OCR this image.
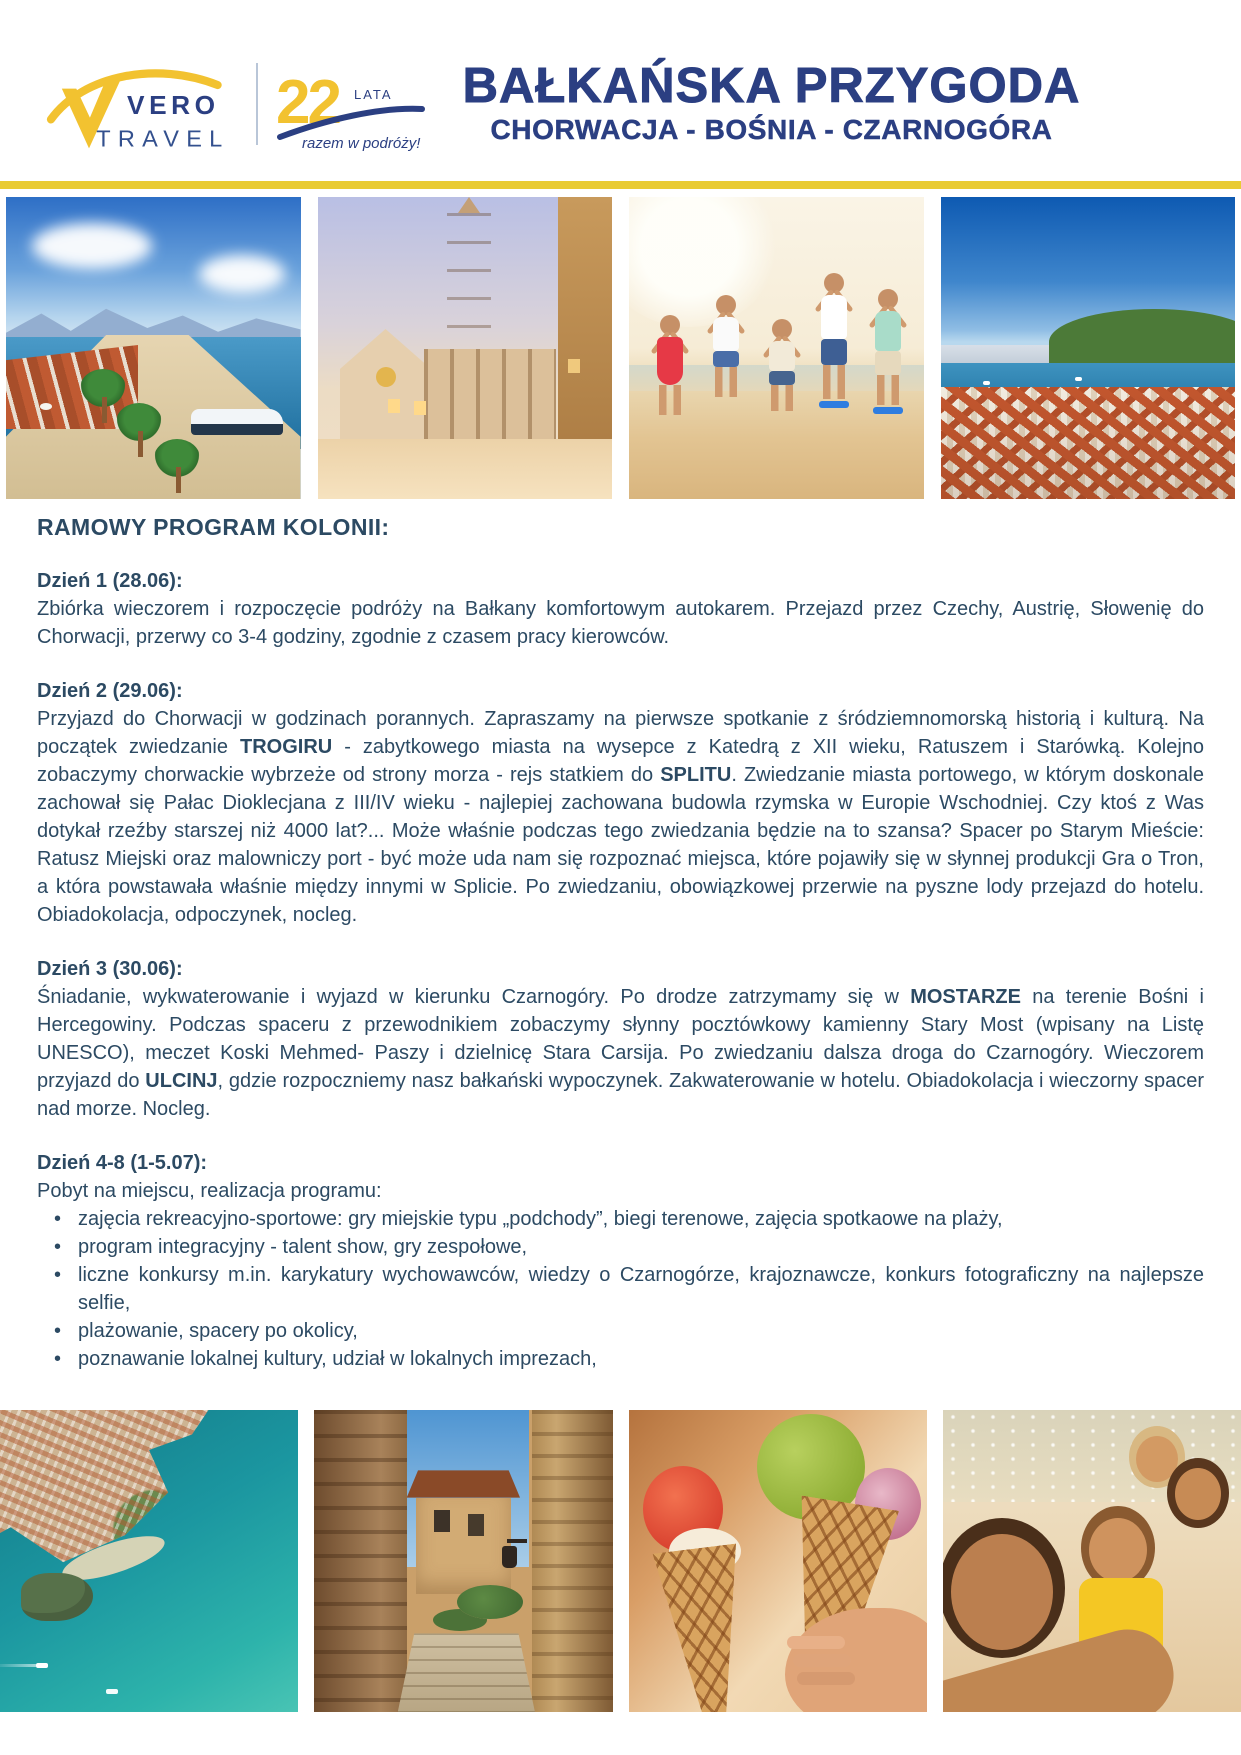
VERO
TRAVEL
22 LATA
razem w podróży!
BAŁKAŃSKA PRZYGODA
CHORWACJA - BOŚNIA - CZARNOGÓRA
RAMOWY PROGRAM KOLONII:

Dzień 1 (28.06):

Zbiórka wieczorem i rozpoczęcie podróży na Bałkany komfortowym autokarem. Przejazd przez Czechy, Austrię, Słowenię do Chorwacji, przerwy co 3-4 godziny, zgodnie z czasem pracy kierowców.

Dzień 2 (29.06):

Przyjazd do Chorwacji w godzinach porannych. Zapraszamy na pierwsze spotkanie z śródziemnomorską historią i kulturą. Na początek zwiedzanie TROGIRU - zabytkowego miasta na wysepce z Katedrą z XII wieku, Ratuszem i Starówką. Kolejno zobaczymy chorwackie wybrzeże od strony morza - rejs statkiem do SPLITU. Zwiedzanie miasta portowego, w którym doskonale zachował się Pałac Dioklecjana z III/IV wieku - najlepiej zachowana budowla rzymska w Europie Wschodniej. Czy ktoś z Was dotykał rzeźby starszej niż 4000 lat?... Może właśnie podczas tego zwiedzania będzie na to szansa? Spacer po Starym Mieście: Ratusz Miejski oraz malowniczy port - być może uda nam się rozpoznać miejsca, które pojawiły się w słynnej produkcji Gra o Tron, a która powstawała właśnie między innymi w Splicie. Po zwiedzaniu, obowiązkowej przerwie na pyszne lody przejazd do hotelu. Obiadokolacja, odpoczynek, nocleg.

Dzień 3 (30.06):

Śniadanie, wykwaterowanie i wyjazd w kierunku Czarnogóry. Po drodze zatrzymamy się w MOSTARZE na terenie Bośni i Hercegowiny. Podczas spaceru z przewodnikiem zobaczymy słynny pocztówkowy kamienny Stary Most (wpisany na Listę UNESCO), meczet Koski Mehmed- Paszy i dzielnicę Stara Carsija. Po zwiedzaniu dalsza droga do Czarnogóry. Wieczorem przyjazd do ULCINJ, gdzie rozpoczniemy nasz bałkański wypoczynek. Zakwaterowanie w hotelu. Obiadokolacja i wieczorny spacer nad morze. Nocleg.

Dzień 4-8 (1-5.07):

Pobyt na miejscu, realizacja programu:

• zajęcia rekreacyjno-sportowe: gry miejskie typu „podchody”, biegi terenowe, zajęcia spotkaowe na plaży,
• program integracyjny - talent show, gry zespołowe,
• liczne konkursy m.in. karykatury wychowawców, wiedzy o Czarnogórze, krajoznawcze, konkurs fotograficzny na najlepsze selfie,
• plażowanie, spacery po okolicy,
• poznawanie lokalnej kultury, udział w lokalnych imprezach,
